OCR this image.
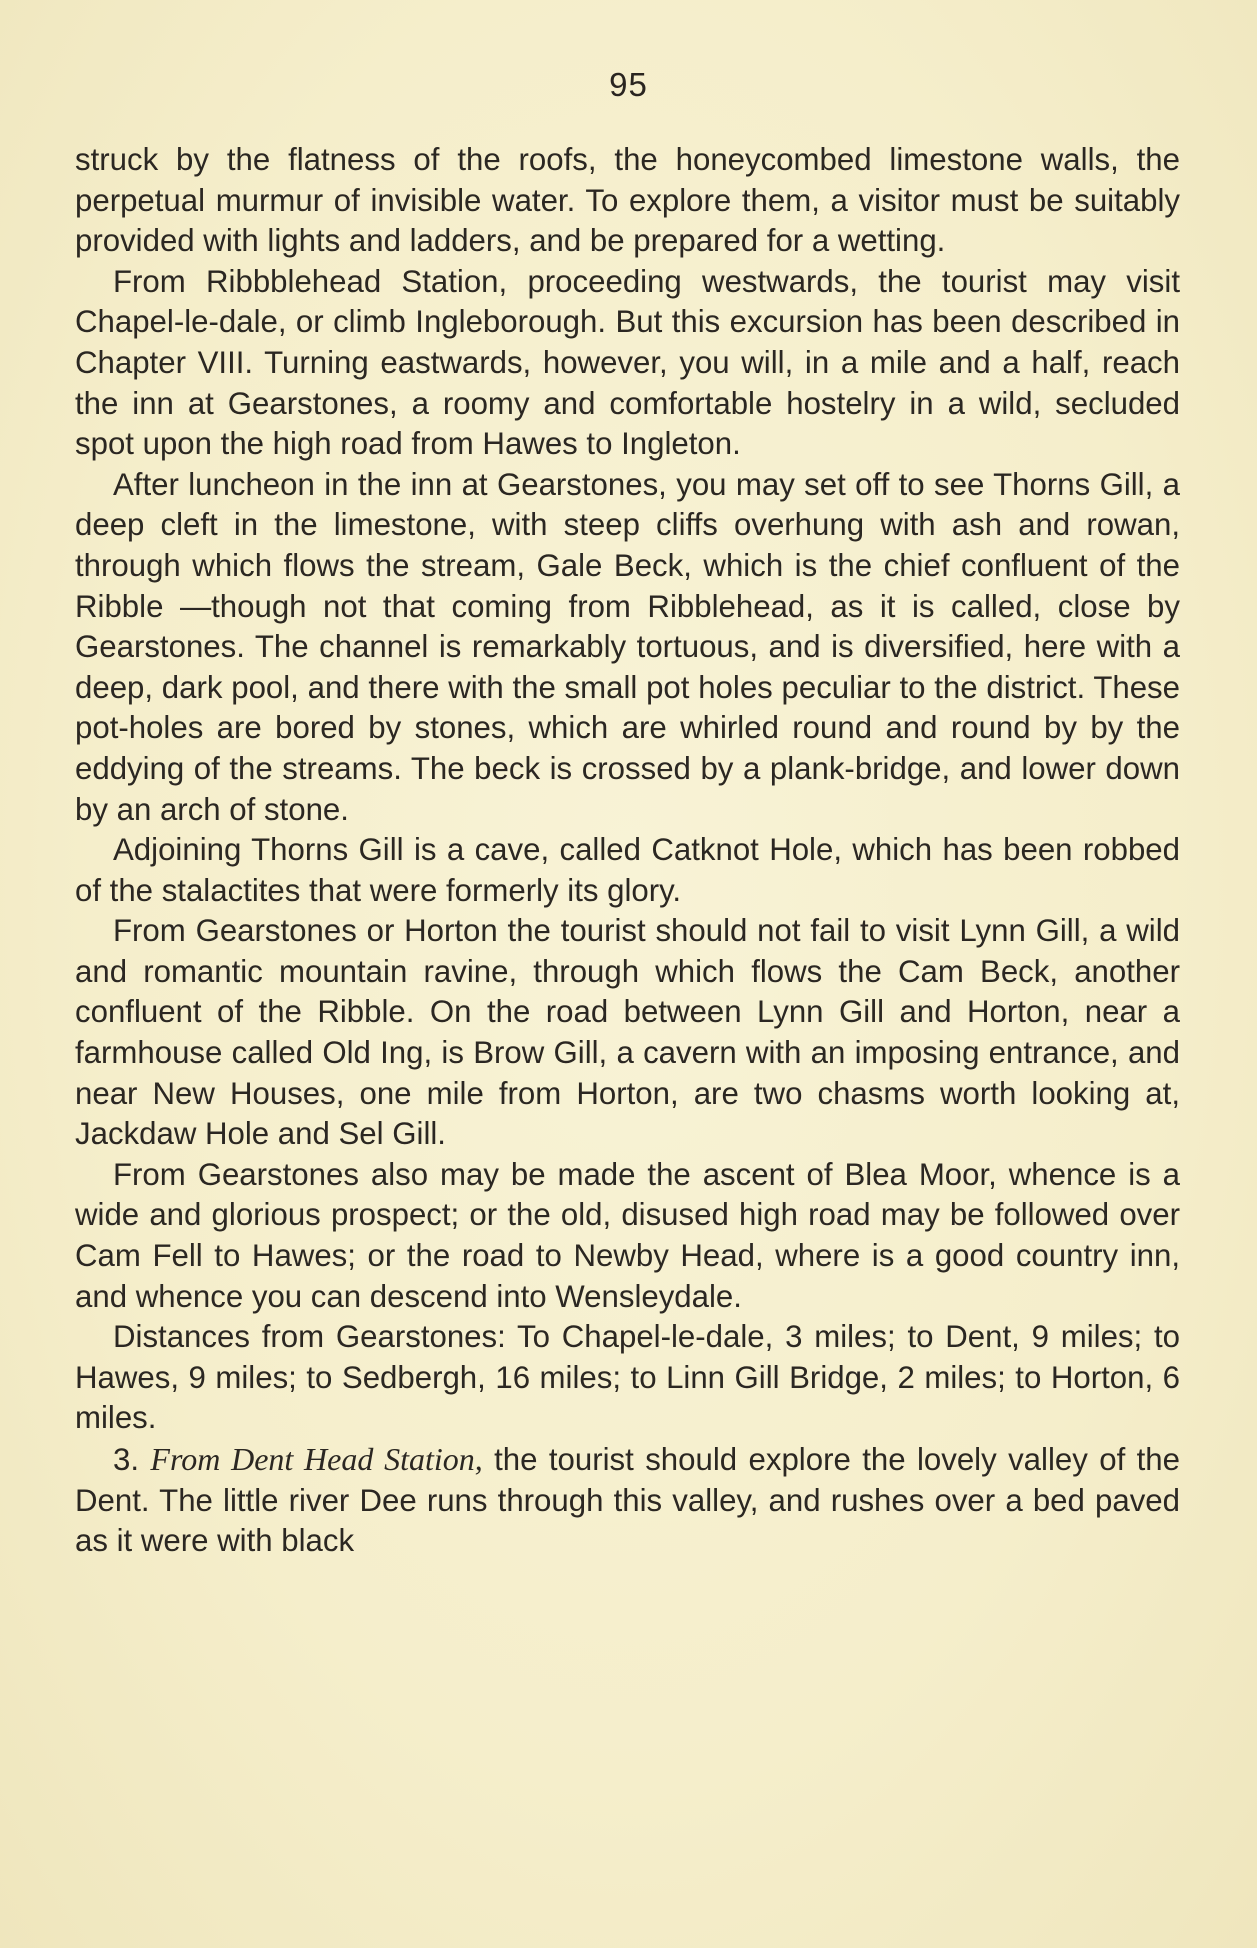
95

struck by the flatness of the roofs, the honeycombed limestone walls, the perpetual murmur of invisible water. To explore them, a visitor must be suitably provided with lights and ladders, and be prepared for a wetting.

From Ribbblehead Station, proceeding westwards, the tourist may visit Chapel-le-dale, or climb Ingleborough. But this excursion has been described in Chapter VIII. Turning eastwards, however, you will, in a mile and a half, reach the inn at Gearstones, a roomy and comfortable hostelry in a wild, secluded spot upon the high road from Hawes to Ingleton.

After luncheon in the inn at Gearstones, you may set off to see Thorns Gill, a deep cleft in the limestone, with steep cliffs overhung with ash and rowan, through which flows the stream, Gale Beck, which is the chief confluent of the Ribble —though not that coming from Ribblehead, as it is called, close by Gearstones. The channel is remarkably tortuous, and is diversified, here with a deep, dark pool, and there with the small pot holes peculiar to the district. These pot-holes are bored by stones, which are whirled round and round by by the eddying of the streams. The beck is crossed by a plank-bridge, and lower down by an arch of stone.

Adjoining Thorns Gill is a cave, called Catknot Hole, which has been robbed of the stalactites that were formerly its glory.

From Gearstones or Horton the tourist should not fail to visit Lynn Gill, a wild and romantic mountain ravine, through which flows the Cam Beck, another confluent of the Ribble. On the road between Lynn Gill and Horton, near a farmhouse called Old Ing, is Brow Gill, a cavern with an imposing entrance, and near New Houses, one mile from Horton, are two chasms worth looking at, Jackdaw Hole and Sel Gill.

From Gearstones also may be made the ascent of Blea Moor, whence is a wide and glorious prospect; or the old, disused high road may be followed over Cam Fell to Hawes; or the road to Newby Head, where is a good country inn, and whence you can descend into Wensleydale.

Distances from Gearstones: To Chapel-le-dale, 3 miles; to Dent, 9 miles; to Hawes, 9 miles; to Sedbergh, 16 miles; to Linn Gill Bridge, 2 miles; to Horton, 6 miles.

3. From Dent Head Station, the tourist should explore the lovely valley of the Dent. The little river Dee runs through this valley, and rushes over a bed paved as it were with black
